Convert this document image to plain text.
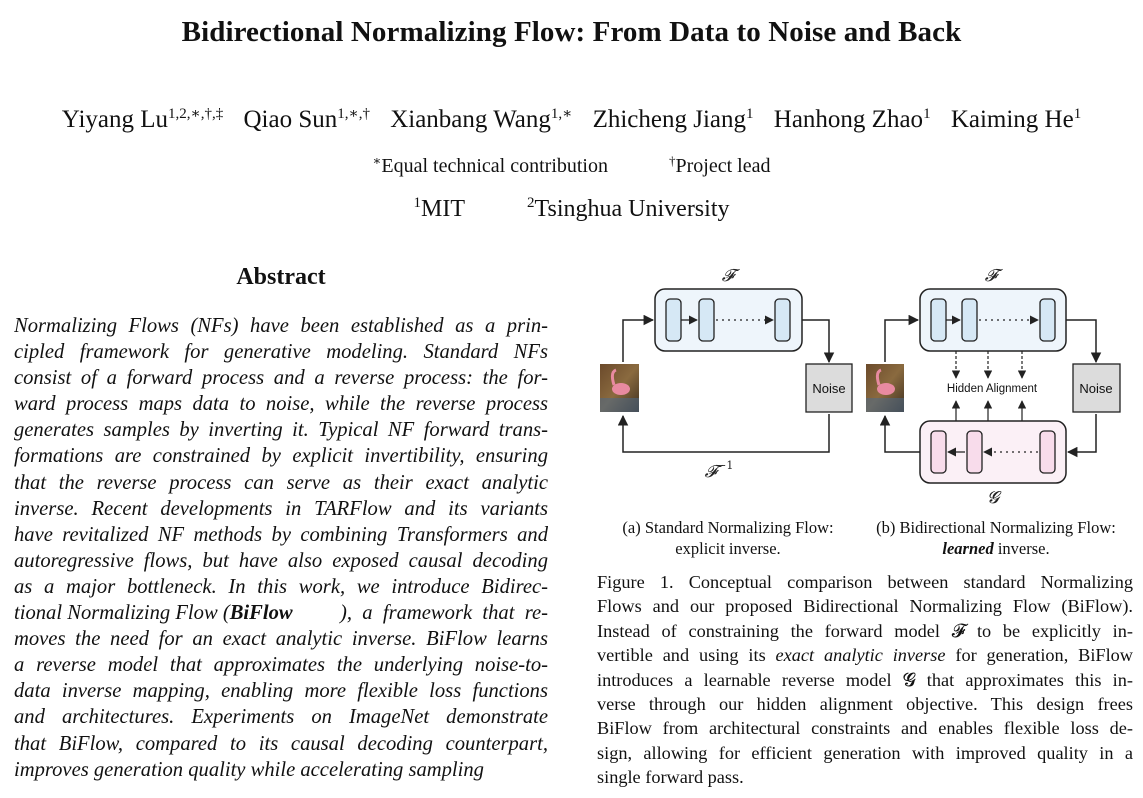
Bidirectional Normalizing Flow: From Data to Noise and Back
Yiyang $Lu^{1,2,∗,\dagger,\ddagger}$ Qiao Sun$^{1,∗,\dagger}$ Xianbang Wang$^{1,∗}$ Zhicheng Jiang$^1$ Hanhong Zhao$^1$ Kaiming He$^1$
∗Equal technical contribution	†Project lead
$^1$MIT	$^2$Tsinghua University
Abstract
Normalizing Flows (NFs) have been established as a prin-
cipled framework for generative modeling. Standard NFs
consist of a forward process and a reverse process: the for-
ward process maps data to noise, while the reverse process
generates samples by inverting it. Typical NF forward trans-
formations are constrained by explicit invertibility, ensuring
that the reverse process can serve as their exact analytic
inverse. Recent developments in TARFlow and its variants
have revitalized NF methods by combining Transformers and
autoregressive flows, but have also exposed causal decoding
as a major bottleneck. In this work, we introduce Bidirec-
tional Normalizing Flow ( BiFlow ),  a  framework  that  re-
moves the need for an exact analytic inverse. BiFlow learns
a reverse model that approximates the underlying noise-to-
data inverse mapping, enabling more flexible loss functions
and architectures. Experiments on ImageNet demonstrate
that BiFlow, compared to its causal decoding counterpart,
improves generation quality while accelerating sampling
𝓕
Noise
𝓕$^{-1}$
𝓕
Noise
Hidden Alignment
𝓖
(a) Standard Normalizing Flow:
explicit inverse.
(b) Bidirectional Normalizing Flow:
learned inverse.
Figure 1. Conceptual comparison between standard Normalizing
Flows and our proposed Bidirectional Normalizing Flow (BiFlow).
Instead of constraining the forward model 𝓕 to be explicitly in-
vertible and using its exact analytic inverse for generation, BiFlow
introduces a learnable reverse model 𝓖 that approximates this in-
verse through our hidden alignment objective. This design frees
BiFlow from architectural constraints and enables flexible loss de-
sign, allowing for efficient generation with improved quality in a
single forward pass.
